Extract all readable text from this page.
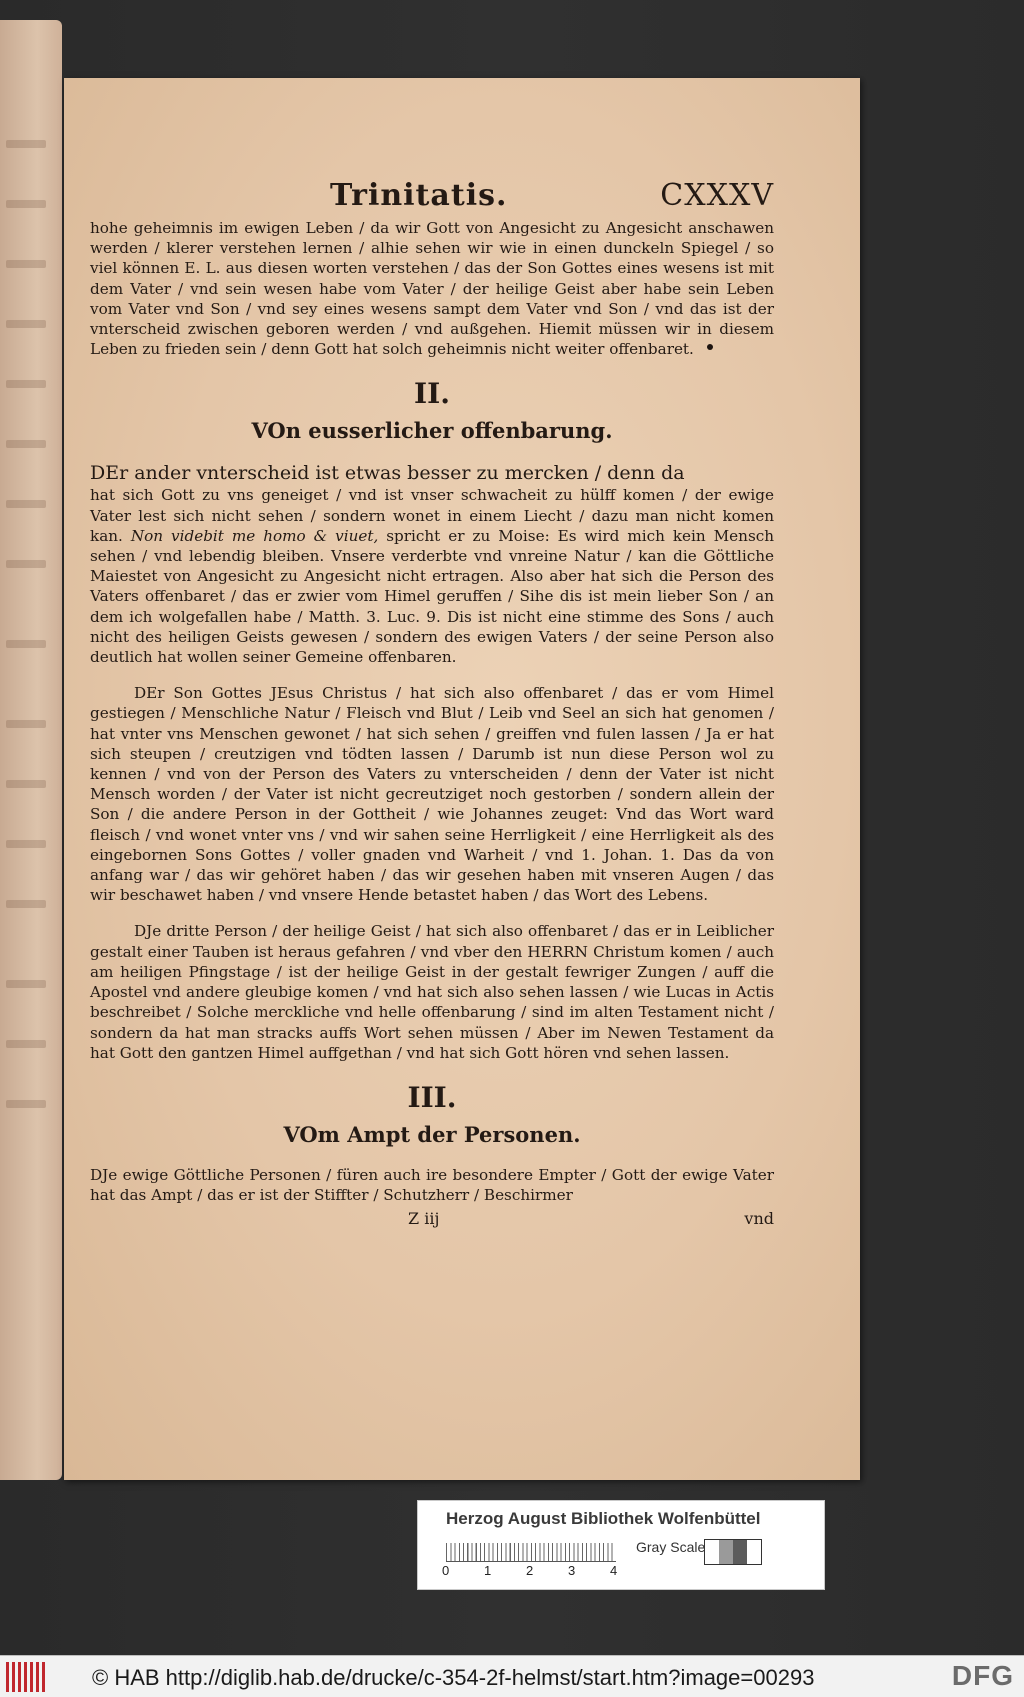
Trinitatis.	CXXXV

hohe geheimnis im ewigen Leben / da wir Gott von Angesicht zu Angesicht anschawen werden / klerer verstehen lernen / alhie sehen wir wie in einen dunckeln Spiegel / so viel können E. L. aus diesen worten verstehen / das der Son Gottes eines wesens ist mit dem Vater / vnd sein wesen habe vom Vater / der heilige Geist aber habe sein Leben vom Vater vnd Son / vnd sey eines wesens sampt dem Vater vnd Son / vnd das ist der vnterscheid zwischen geboren werden / vnd außgehen. Hiemit müssen wir in diesem Leben zu frieden sein / denn Gott hat solch geheimnis nicht weiter offenbaret.

II.
VOn eusserlicher offenbarung.

DEr ander vnterscheid ist etwas besser zu mercken / denn da

hat sich Gott zu vns geneiget / vnd ist vnser schwacheit zu hülff komen / der ewige Vater lest sich nicht sehen / sondern wonet in einem Liecht / dazu man nicht komen kan. Non videbit me homo & viuet, spricht er zu Moise: Es wird mich kein Mensch sehen / vnd lebendig bleiben. Vnsere verderbte vnd vnreine Natur / kan die Göttliche Maiestet von Angesicht zu Angesicht nicht ertragen. Also aber hat sich die Person des Vaters offenbaret / das er zwier vom Himel geruffen / Sihe dis ist mein lieber Son / an dem ich wolgefallen habe / Matth. 3. Luc. 9. Dis ist nicht eine stimme des Sons / auch nicht des heiligen Geists gewesen / sondern des ewigen Vaters / der seine Person also deutlich hat wollen seiner Gemeine offenbaren.

DEr Son Gottes JEsus Christus / hat sich also offenbaret / das er vom Himel gestiegen / Menschliche Natur / Fleisch vnd Blut / Leib vnd Seel an sich hat genomen / hat vnter vns Menschen gewonet / hat sich sehen / greiffen vnd fulen lassen / Ja er hat sich steupen / creutzigen vnd tödten lassen / Darumb ist nun diese Person wol zu kennen / vnd von der Person des Vaters zu vnterscheiden / denn der Vater ist nicht Mensch worden / der Vater ist nicht gecreutziget noch gestorben / sondern allein der Son / die andere Person in der Gottheit / wie Johannes zeuget: Vnd das Wort ward fleisch / vnd wonet vnter vns / vnd wir sahen seine Herrligkeit / eine Herrligkeit als des eingebornen Sons Gottes / voller gnaden vnd Warheit / vnd 1. Johan. 1. Das da von anfang war / das wir gehöret haben / das wir gesehen haben mit vnseren Augen / das wir beschawet haben / vnd vnsere Hende betastet haben / das Wort des Lebens.

DJe dritte Person / der heilige Geist / hat sich also offenbaret / das er in Leiblicher gestalt einer Tauben ist heraus gefahren / vnd vber den HERRN Christum komen / auch am heiligen Pfingstage / ist der heilige Geist in der gestalt fewriger Zungen / auff die Apostel vnd andere gleubige komen / vnd hat sich also sehen lassen / wie Lucas in Actis beschreibet / Solche merckliche vnd helle offenbarung / sind im alten Testament nicht / sondern da hat man stracks auffs Wort sehen müssen / Aber im Newen Testament da hat Gott den gantzen Himel auffgethan / vnd hat sich Gott hören vnd sehen lassen.

III.
VOm Ampt der Personen.

DJe ewige Göttliche Personen / füren auch ire besondere Empter / Gott der ewige Vater hat das Ampt / das er ist der Stiffter / Schutzherr / Beschirmer

Z iij	vnd
Herzog August Bibliothek Wolfenbüttel
0	1	2	3	4
Gray Scale
© HAB http://diglib.hab.de/drucke/c-354-2f-helmst/start.htm?image=00293	DFG
